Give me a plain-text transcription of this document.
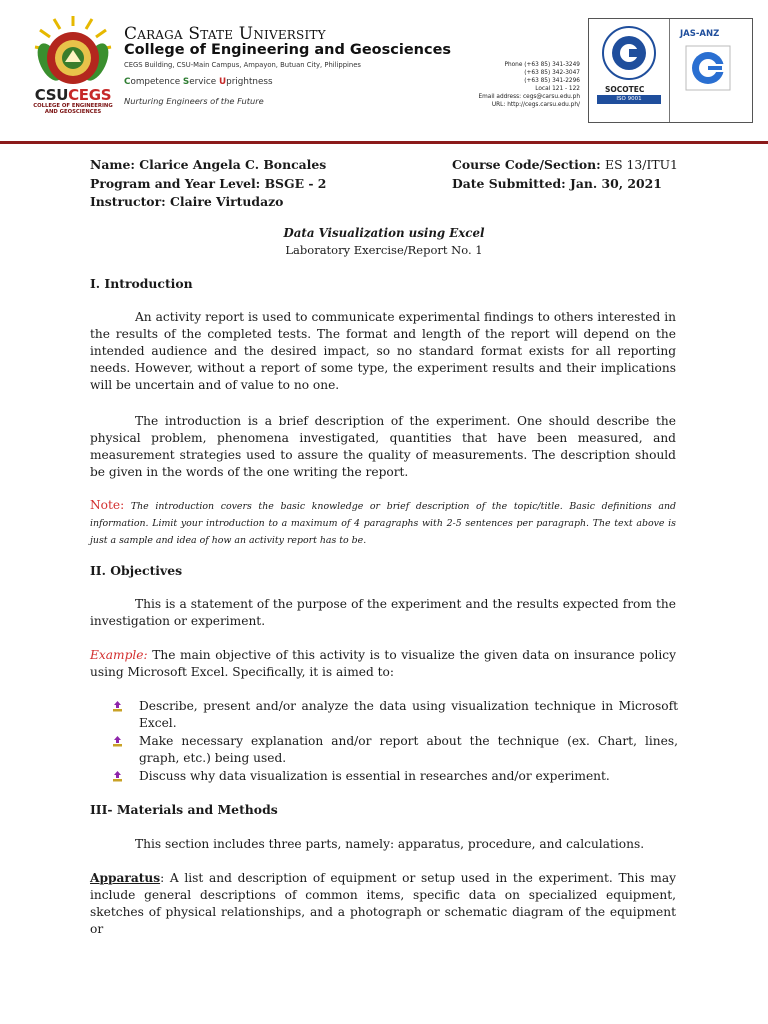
CSUCEGS
COLLEGE OF ENGINEERING
AND GEOSCIENCES
Caraga State University
College of Engineering and Geosciences
CEGS Building, CSU-Main Campus, Ampayon, Butuan City, Philippines
Competence Service Uprightness
Nurturing Engineers of the Future
Phone (+63 85) 341-3249
(+63 85) 342-3047
(+63 85) 341-2296
Local 121 - 122
Email address: cegs@carsu.edu.ph
URL: http://cegs.carsu.edu.ph/
SOCOTEC
ISO 9001
JAS-ANZ
Name: Clarice Angela C. Boncales
Program and Year Level: BSGE - 2
Instructor: Claire Virtudazo
Course Code/Section: ES 13/ITU1
Date Submitted: Jan. 30, 2021
Data Visualization using Excel
Laboratory Exercise/Report No. 1
I. Introduction
An activity report is used to communicate experimental findings to others interested in the results of the completed tests. The format and length of the report will depend on the intended audience and the desired impact, so no standard format exists for all reporting needs. However, without a report of some type, the experiment results and their implications will be uncertain and of value to no one.
The introduction is a brief description of the experiment. One should describe the physical problem, phenomena investigated, quantities that have been measured, and measurement strategies used to assure the quality of measurements. The description should be given in the words of the one writing the report.
Note: The introduction covers the basic knowledge or brief description of the topic/title. Basic definitions and information. Limit your introduction to a maximum of 4 paragraphs with 2-5 sentences per paragraph. The text above is just a sample and idea of how an activity report has to be.
II. Objectives
This is a statement of the purpose of the experiment and the results expected from the investigation or experiment.
Example: The main objective of this activity is to visualize the given data on insurance policy using Microsoft Excel. Specifically, it is aimed to:
Describe, present and/or analyze the data using visualization technique in Microsoft Excel.
Make necessary explanation and/or report about the technique (ex. Chart, lines, graph, etc.) being used.
Discuss why data visualization is essential in researches and/or experiment.
III- Materials and Methods
This section includes three parts, namely: apparatus, procedure, and calculations.
Apparatus: A list and description of equipment or setup used in the experiment. This may include general descriptions of common items, specific data on specialized equipment, sketches of physical relationships, and a photograph or schematic diagram of the equipment or
